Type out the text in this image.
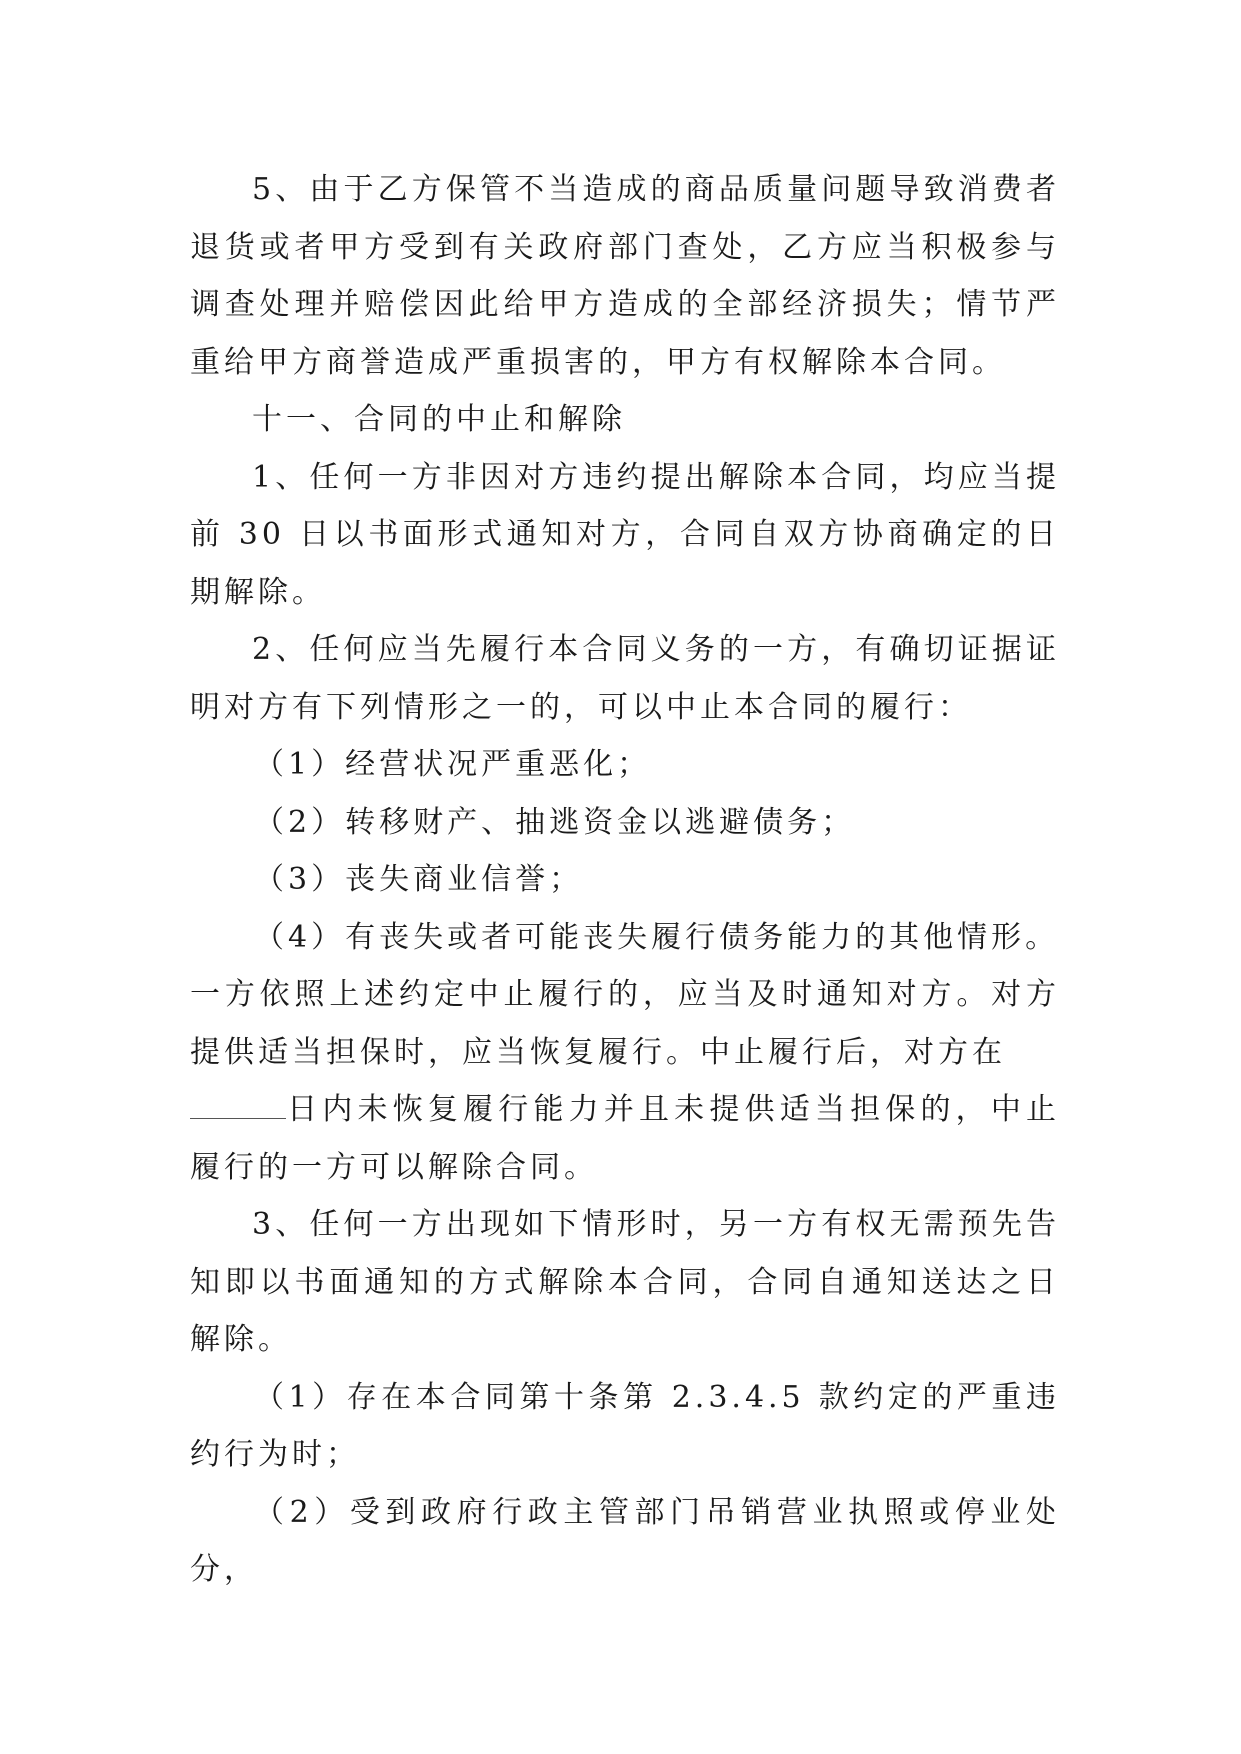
5、由于乙方保管不当造成的商品质量问题导致消费者退货或者甲方受到有关政府部门查处，乙方应当积极参与调查处理并赔偿因此给甲方造成的全部经济损失；情节严重给甲方商誉造成严重损害的，甲方有权解除本合同。

十一、合同的中止和解除

1、任何一方非因对方违约提出解除本合同，均应当提前 30 日以书面形式通知对方，合同自双方协商确定的日期解除。

2、任何应当先履行本合同义务的一方，有确切证据证明对方有下列情形之一的，可以中止本合同的履行：

（1）经营状况严重恶化；

（2）转移财产、抽逃资金以逃避债务；

（3）丧失商业信誉；

（4）有丧失或者可能丧失履行债务能力的其他情形。

一方依照上述约定中止履行的，应当及时通知对方。对方提供适当担保时，应当恢复履行。中止履行后，对方在
日内未恢复履行能力并且未提供适当担保的，中止履行的一方可以解除合同。

3、任何一方出现如下情形时，另一方有权无需预先告知即以书面通知的方式解除本合同，合同自通知送达之日解除。

（1）存在本合同第十条第 2.3.4.5 款约定的严重违约行为时；

（2）受到政府行政主管部门吊销营业执照或停业处分，
